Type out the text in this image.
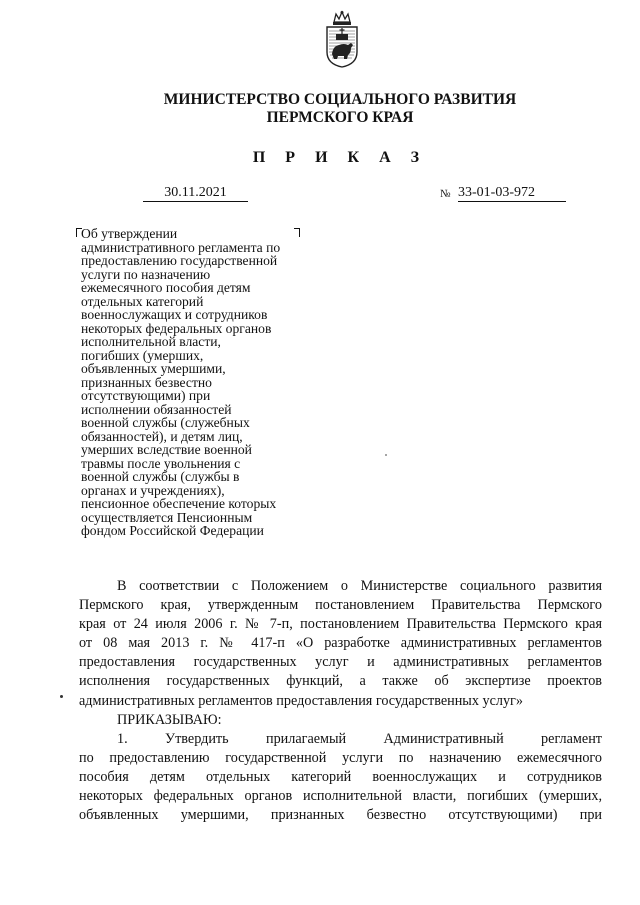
МИНИСТЕРСТВО СОЦИАЛЬНОГО РАЗВИТИЯ
ПЕРМСКОГО КРАЯ
П Р И К А З
30.11.2021	№ 33-01-03-972
Об утверждении
административного регламента по
предоставлению государственной
услуги по назначению
ежемесячного пособия детям
отдельных категорий
военнослужащих и сотрудников
некоторых федеральных органов
исполнительной власти,
погибших (умерших,
объявленных умершими,
признанных безвестно
отсутствующими) при
исполнении обязанностей
военной службы (служебных
обязанностей), и детям лиц,
умерших вследствие военной
травмы после увольнения с
военной службы (службы в
органах и учреждениях),
пенсионное обеспечение которых
осуществляется Пенсионным
фондом Российской Федерации
В соответствии с Положением о Министерстве социального развития
Пермского края, утвержденным постановлением Правительства Пермского
края от 24 июля 2006 г. № 7-п, постановлением Правительства Пермского края
от 08 мая 2013 г. № 417-п «О разработке административных регламентов
предоставления государственных услуг и административных регламентов
исполнения государственных функций, а также об экспертизе проектов
административных регламентов предоставления государственных услуг»
ПРИКАЗЫВАЮ:
1.      Утвердить      прилагаемый      Административный      регламент
по предоставлению государственной услуги по назначению ежемесячного
пособия детям отдельных категорий военнослужащих и сотрудников
некоторых федеральных органов исполнительной власти, погибших (умерших,
объявленных умершими, признанных безвестно отсутствующими) при
